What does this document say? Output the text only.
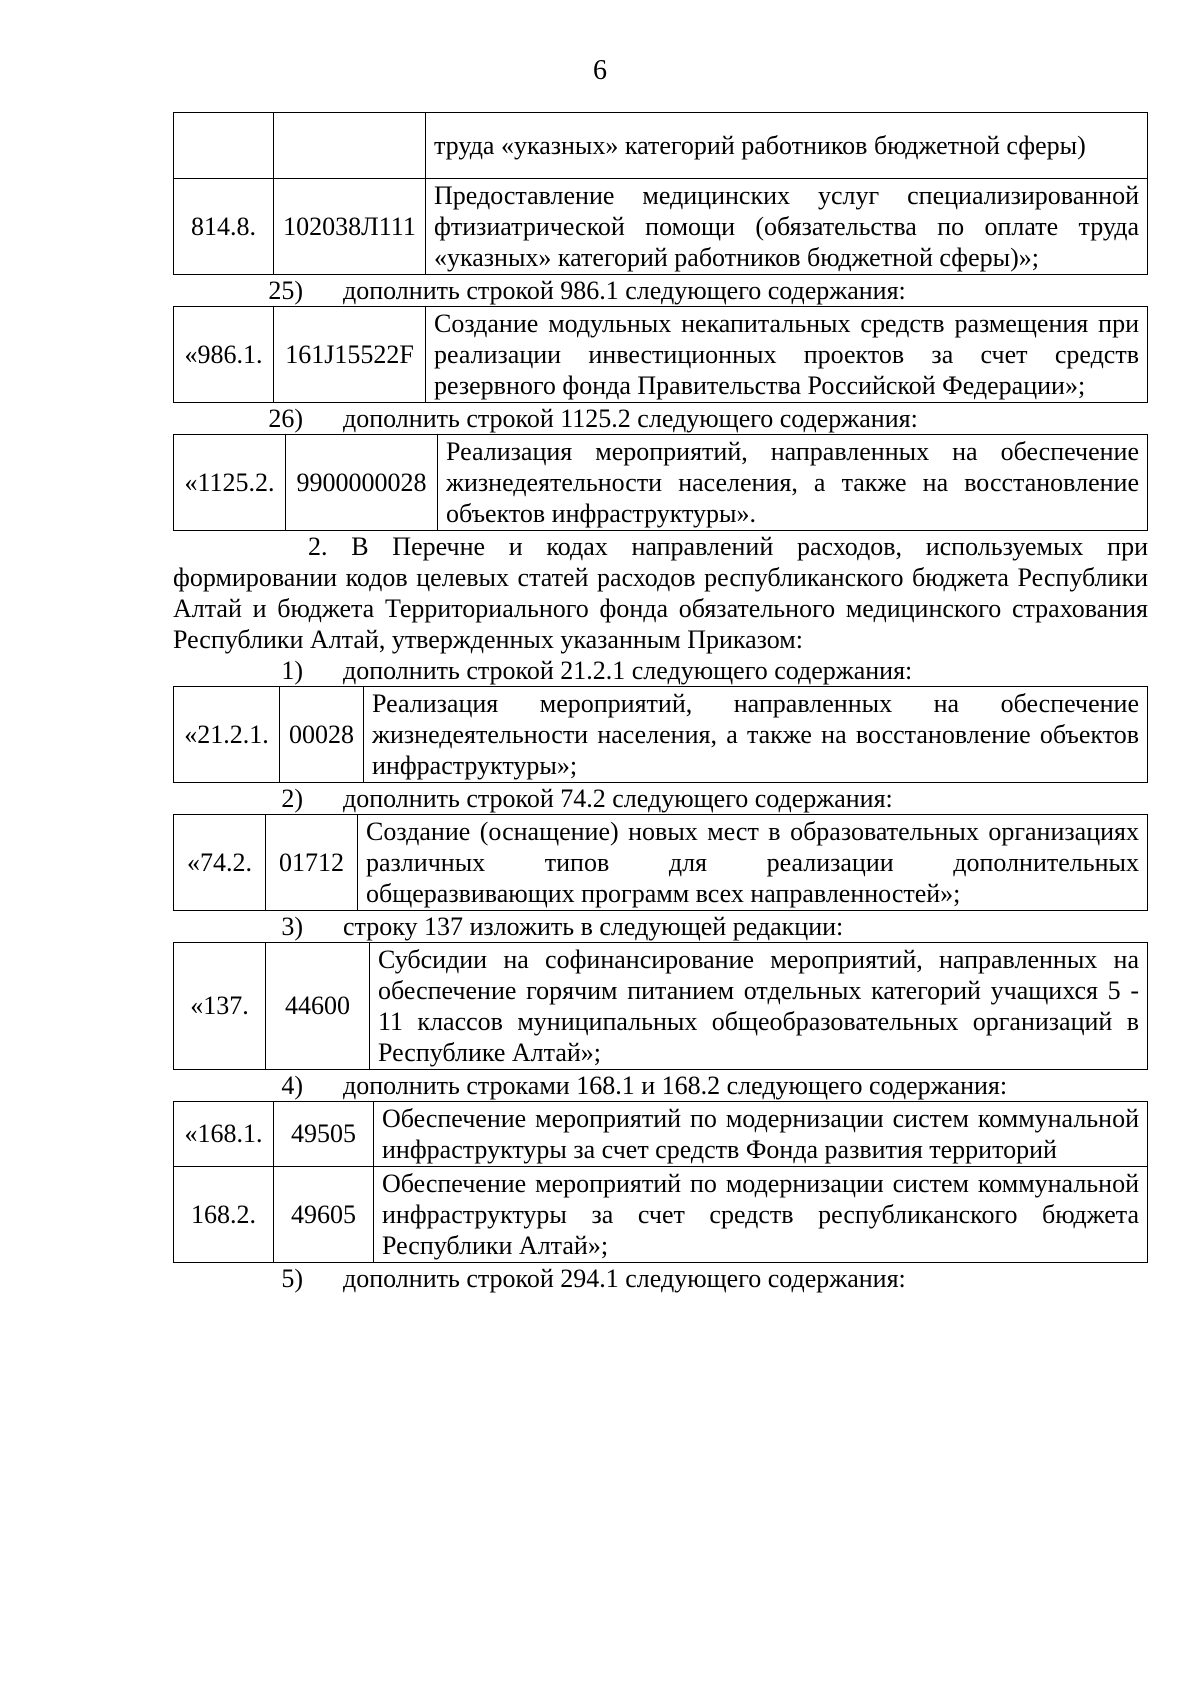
6
		труда «указных» категорий работников бюджетной сферы)
814.8.	102038Л111	Предоставление медицинских услуг специализированной фтизиатрической помощи (обязательства по оплате труда «указных» категорий работников бюджетной сферы)»;

25) дополнить строкой 986.1 следующего содержания:

«986.1.	161J15522F	Создание модульных некапитальных средств размещения при реализации инвестиционных проектов за счет средств резервного фонда Правительства Российской Федерации»;

26) дополнить строкой 1125.2 следующего содержания:

«1125.2.	9900000028	Реализация мероприятий, направленных на обеспечение жизнедеятельности населения, а также на восстановление объектов инфраструктуры».

2. В Перечне и кодах направлений расходов, используемых при формировании кодов целевых статей расходов республиканского бюджета Республики Алтай и бюджета Территориального фонда обязательного медицинского страхования Республики Алтай, утвержденных указанным Приказом:

1) дополнить строкой 21.2.1 следующего содержания:

«21.2.1.	00028	Реализация мероприятий, направленных на обеспечение жизнедеятельности населения, а также на восстановление объектов инфраструктуры»;

2) дополнить строкой 74.2 следующего содержания:

«74.2.	01712	Создание (оснащение) новых мест в образовательных организациях различных типов для реализации дополнительных общеразвивающих программ всех направленностей»;

3) строку 137 изложить в следующей редакции:

«137.	44600	Субсидии на софинансирование мероприятий, направленных на обеспечение горячим питанием отдельных категорий учащихся 5 - 11 классов муниципальных общеобразовательных организаций в Республике Алтай»;

4) дополнить строками 168.1 и 168.2 следующего содержания:

«168.1.	49505	Обеспечение мероприятий по модернизации систем коммунальной инфраструктуры за счет средств Фонда развития территорий
168.2.	49605	Обеспечение мероприятий по модернизации систем коммунальной инфраструктуры за счет средств республиканского бюджета Республики Алтай»;

5) дополнить строкой 294.1 следующего содержания:
